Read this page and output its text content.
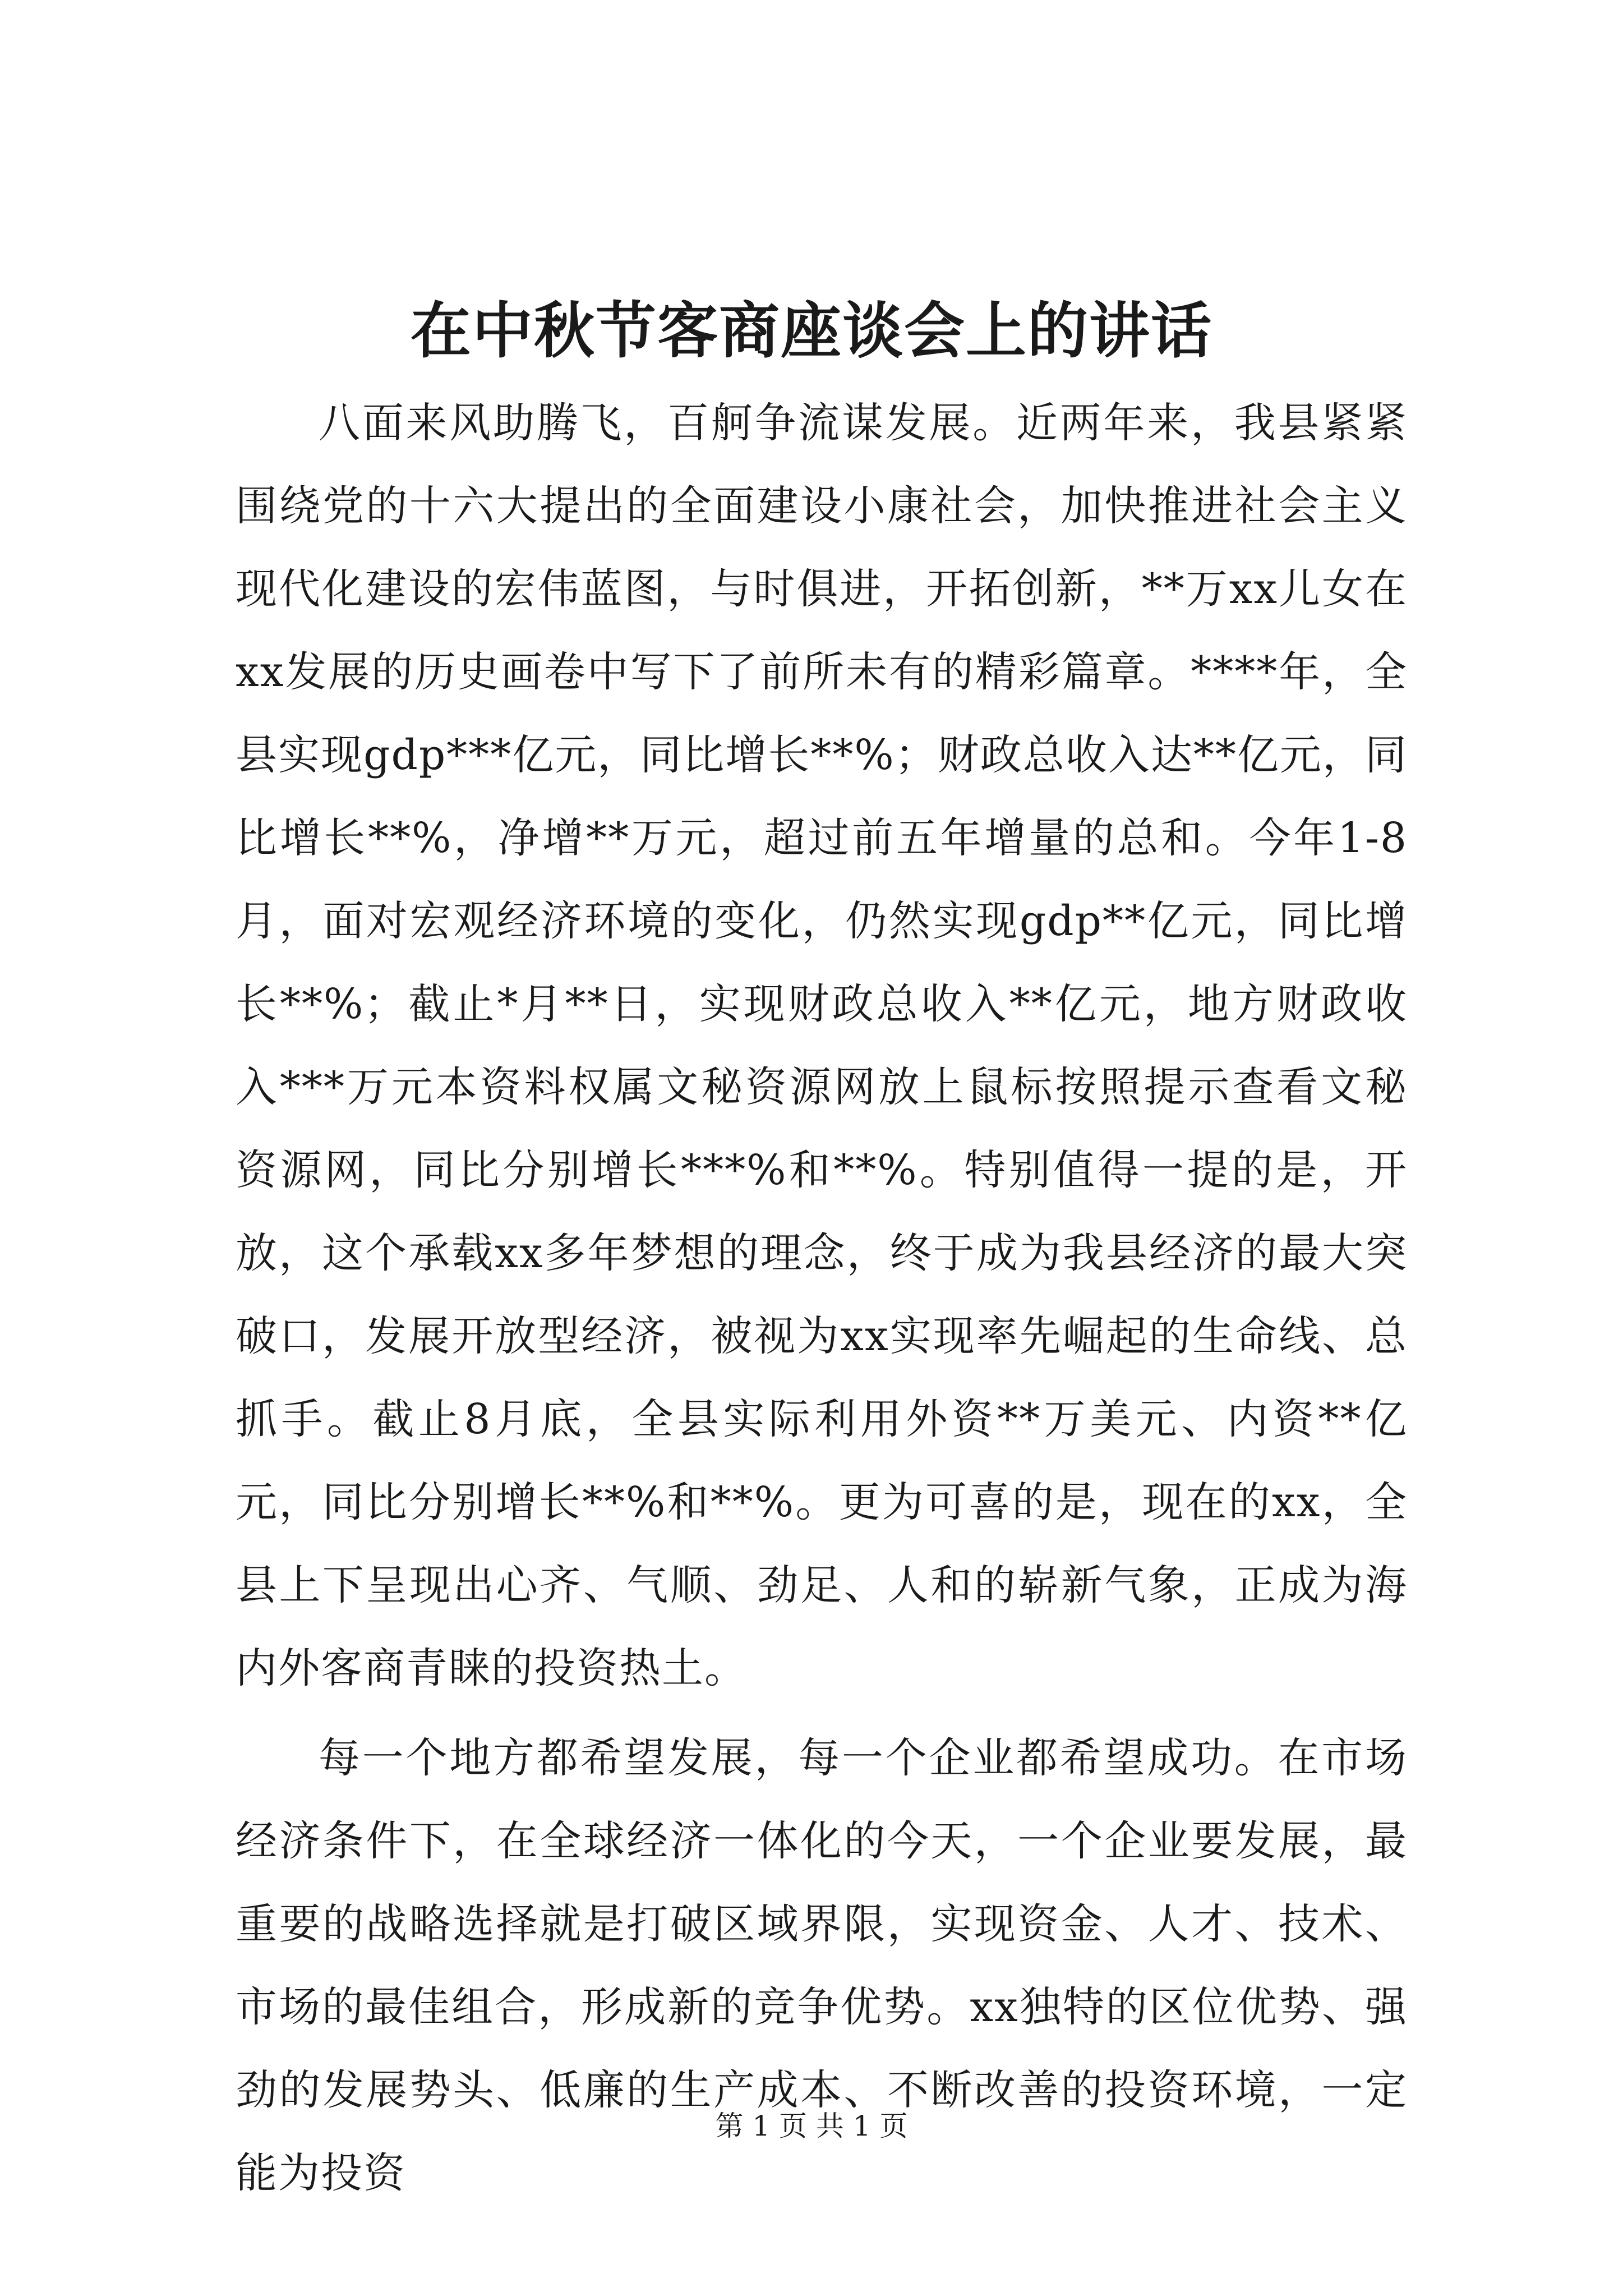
在中秋节客商座谈会上的讲话

八面来风助腾飞，百舸争流谋发展。近两年来，我县紧紧围绕党的十六大提出的全面建设小康社会，加快推进社会主义现代化建设的宏伟蓝图，与时俱进，开拓创新，**万xx儿女在xx发展的历史画卷中写下了前所未有的精彩篇章。****年，全县实现gdp***亿元，同比增长**%；财政总收入达**亿元，同比增长**%，净增**万元，超过前五年增量的总和。今年1-8月，面对宏观经济环境的变化，仍然实现gdp**亿元，同比增长**%；截止*月**日，实现财政总收入**亿元，地方财政收入***万元本资料权属文秘资源网放上鼠标按照提示查看文秘资源网，同比分别增长***%和**%。特别值得一提的是，开放，这个承载xx多年梦想的理念，终于成为我县经济的最大突破口，发展开放型经济，被视为xx实现率先崛起的生命线、总抓手。截止8月底，全县实际利用外资**万美元、内资**亿元，同比分别增长**%和**%。更为可喜的是，现在的xx，全县上下呈现出心齐、气顺、劲足、人和的崭新气象，正成为海内外客商青睐的投资热土。

每一个地方都希望发展，每一个企业都希望成功。在市场经济条件下，在全球经济一体化的今天，一个企业要发展，最重要的战略选择就是打破区域界限，实现资金、人才、技术、市场的最佳组合，形成新的竞争优势。xx独特的区位优势、强劲的发展势头、低廉的生产成本、不断改善的投资环境，一定能为投资

第 1 页 共 1 页
